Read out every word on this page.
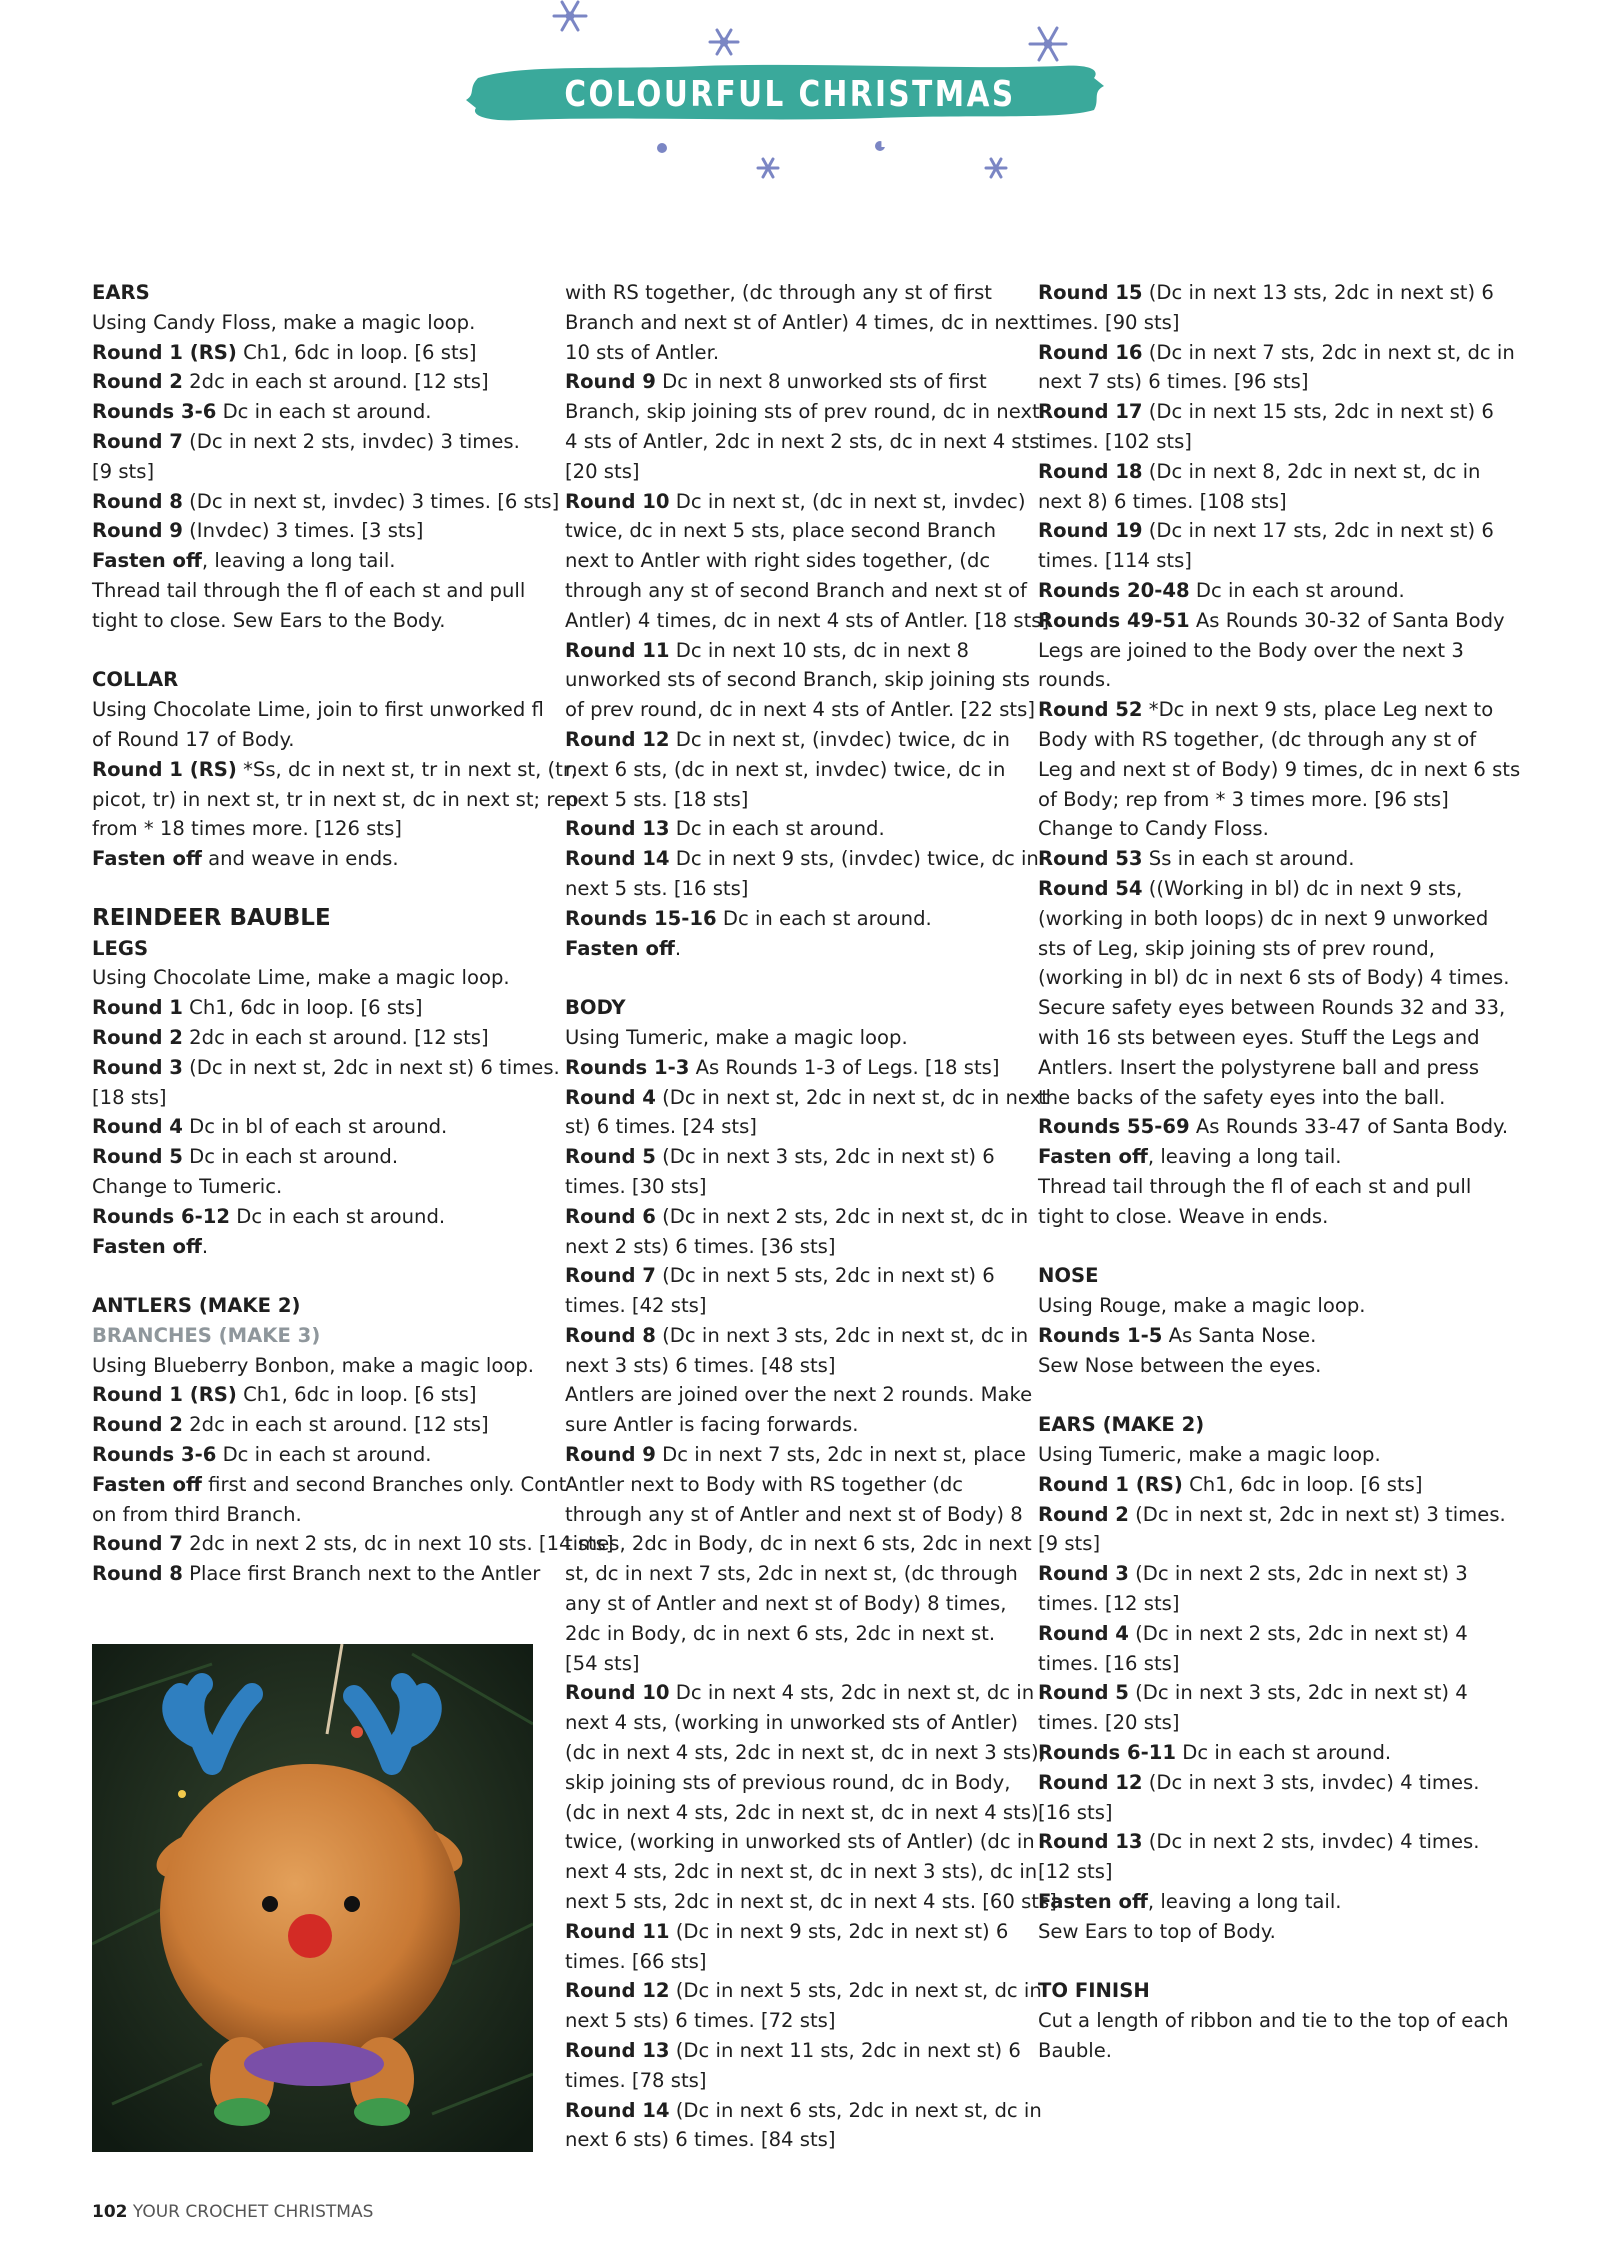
COLOURFUL CHRISTMAS COLLECTION
EARS
Using Candy Floss, make a magic loop.
Round 1 (RS) Ch1, 6dc in loop. [6 sts]
Round 2 2dc in each st around. [12 sts]
Rounds 3-6 Dc in each st around.
Round 7 (Dc in next 2 sts, invdec) 3 times.
[9 sts]
Round 8 (Dc in next st, invdec) 3 times. [6 sts]
Round 9 (Invdec) 3 times. [3 sts]
Fasten off, leaving a long tail.
Thread tail through the fl of each st and pull
tight to close. Sew Ears to the Body.
COLLAR
Using Chocolate Lime, join to first unworked fl
of Round 17 of Body.
Round 1 (RS) *Ss, dc in next st, tr in next st, (tr,
picot, tr) in next st, tr in next st, dc in next st; rep
from * 18 times more. [126 sts]
Fasten off and weave in ends.
REINDEER BAUBLE
LEGS
Using Chocolate Lime, make a magic loop.
Round 1 Ch1, 6dc in loop. [6 sts]
Round 2 2dc in each st around. [12 sts]
Round 3 (Dc in next st, 2dc in next st) 6 times.
[18 sts]
Round 4 Dc in bl of each st around.
Round 5 Dc in each st around.
Change to Tumeric.
Rounds 6-12 Dc in each st around.
Fasten off.
ANTLERS (MAKE 2)
BRANCHES (MAKE 3)
Using Blueberry Bonbon, make a magic loop.
Round 1 (RS) Ch1, 6dc in loop. [6 sts]
Round 2 2dc in each st around. [12 sts]
Rounds 3-6 Dc in each st around.
Fasten off first and second Branches only. Cont
on from third Branch.
Round 7 2dc in next 2 sts, dc in next 10 sts. [14 sts]
Round 8 Place first Branch next to the Antler
with RS together, (dc through any st of first
Branch and next st of Antler) 4 times, dc in next
10 sts of Antler.
Round 9 Dc in next 8 unworked sts of first
Branch, skip joining sts of prev round, dc in next
4 sts of Antler, 2dc in next 2 sts, dc in next 4 sts.
[20 sts]
Round 10 Dc in next st, (dc in next st, invdec)
twice, dc in next 5 sts, place second Branch
next to Antler with right sides together, (dc
through any st of second Branch and next st of
Antler) 4 times, dc in next 4 sts of Antler. [18 sts]
Round 11 Dc in next 10 sts, dc in next 8
unworked sts of second Branch, skip joining sts
of prev round, dc in next 4 sts of Antler. [22 sts]
Round 12 Dc in next st, (invdec) twice, dc in
next 6 sts, (dc in next st, invdec) twice, dc in
next 5 sts. [18 sts]
Round 13 Dc in each st around.
Round 14 Dc in next 9 sts, (invdec) twice, dc in
next 5 sts. [16 sts]
Rounds 15-16 Dc in each st around.
Fasten off.
BODY
Using Tumeric, make a magic loop.
Rounds 1-3 As Rounds 1-3 of Legs. [18 sts]
Round 4 (Dc in next st, 2dc in next st, dc in next
st) 6 times. [24 sts]
Round 5 (Dc in next 3 sts, 2dc in next st) 6
times. [30 sts]
Round 6 (Dc in next 2 sts, 2dc in next st, dc in
next 2 sts) 6 times. [36 sts]
Round 7 (Dc in next 5 sts, 2dc in next st) 6
times. [42 sts]
Round 8 (Dc in next 3 sts, 2dc in next st, dc in
next 3 sts) 6 times. [48 sts]
Antlers are joined over the next 2 rounds. Make
sure Antler is facing forwards.
Round 9 Dc in next 7 sts, 2dc in next st, place
Antler next to Body with RS together (dc
through any st of Antler and next st of Body) 8
times, 2dc in Body, dc in next 6 sts, 2dc in next
st, dc in next 7 sts, 2dc in next st, (dc through
any st of Antler and next st of Body) 8 times,
2dc in Body, dc in next 6 sts, 2dc in next st.
[54 sts]
Round 10 Dc in next 4 sts, 2dc in next st, dc in
next 4 sts, (working in unworked sts of Antler)
(dc in next 4 sts, 2dc in next st, dc in next 3 sts),
skip joining sts of previous round, dc in Body,
(dc in next 4 sts, 2dc in next st, dc in next 4 sts)
twice, (working in unworked sts of Antler) (dc in
next 4 sts, 2dc in next st, dc in next 3 sts), dc in
next 5 sts, 2dc in next st, dc in next 4 sts. [60 sts]
Round 11 (Dc in next 9 sts, 2dc in next st) 6
times. [66 sts]
Round 12 (Dc in next 5 sts, 2dc in next st, dc in
next 5 sts) 6 times. [72 sts]
Round 13 (Dc in next 11 sts, 2dc in next st) 6
times. [78 sts]
Round 14 (Dc in next 6 sts, 2dc in next st, dc in
next 6 sts) 6 times. [84 sts]
Round 15 (Dc in next 13 sts, 2dc in next st) 6
times. [90 sts]
Round 16 (Dc in next 7 sts, 2dc in next st, dc in
next 7 sts) 6 times. [96 sts]
Round 17 (Dc in next 15 sts, 2dc in next st) 6
times. [102 sts]
Round 18 (Dc in next 8, 2dc in next st, dc in
next 8) 6 times. [108 sts]
Round 19 (Dc in next 17 sts, 2dc in next st) 6
times. [114 sts]
Rounds 20-48 Dc in each st around.
Rounds 49-51 As Rounds 30-32 of Santa Body
Legs are joined to the Body over the next 3
rounds.
Round 52 *Dc in next 9 sts, place Leg next to
Body with RS together, (dc through any st of
Leg and next st of Body) 9 times, dc in next 6 sts
of Body; rep from * 3 times more. [96 sts]
Change to Candy Floss.
Round 53 Ss in each st around.
Round 54 ((Working in bl) dc in next 9 sts,
(working in both loops) dc in next 9 unworked
sts of Leg, skip joining sts of prev round,
(working in bl) dc in next 6 sts of Body) 4 times.
Secure safety eyes between Rounds 32 and 33,
with 16 sts between eyes. Stuff the Legs and
Antlers. Insert the polystyrene ball and press
the backs of the safety eyes into the ball.
Rounds 55-69 As Rounds 33-47 of Santa Body.
Fasten off, leaving a long tail.
Thread tail through the fl of each st and pull
tight to close. Weave in ends.
NOSE
Using Rouge, make a magic loop.
Rounds 1-5 As Santa Nose.
Sew Nose between the eyes.
EARS (MAKE 2)
Using Tumeric, make a magic loop.
Round 1 (RS) Ch1, 6dc in loop. [6 sts]
Round 2 (Dc in next st, 2dc in next st) 3 times.
[9 sts]
Round 3 (Dc in next 2 sts, 2dc in next st) 3
times. [12 sts]
Round 4 (Dc in next 2 sts, 2dc in next st) 4
times. [16 sts]
Round 5 (Dc in next 3 sts, 2dc in next st) 4
times. [20 sts]
Rounds 6-11 Dc in each st around.
Round 12 (Dc in next 3 sts, invdec) 4 times.
[16 sts]
Round 13 (Dc in next 2 sts, invdec) 4 times.
[12 sts]
Fasten off, leaving a long tail.
Sew Ears to top of Body.
TO FINISH
Cut a length of ribbon and tie to the top of each
Bauble.
102 YOUR CROCHET CHRISTMAS
